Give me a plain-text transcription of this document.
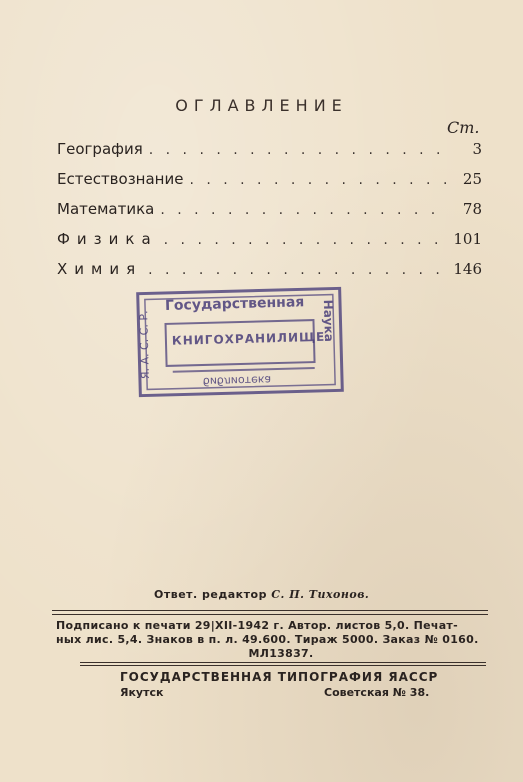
ОГЛАВЛЕНИЕ
Ст.
География . . .	3
Естествознание . . .	25
Математика . . .	78
Физика . . .	101
Химия . . .	146
Государственная
КНИГОХРАНИЛИЩЕ
библиотека
Я. А. С. С. Р.	Наука
Ответ. редактор С. П. Тихонов.
Подписано к печати 29|XII-1942 г. Автор. листов 5,0. Печат-
ных лис. 5,4. Знаков в п. л. 49.600. Тираж 5000. Заказ № 0160.
МЛ13837.
ГОСУДАРСТВЕННАЯ ТИПОГРАФИЯ ЯАССР
Якутск	Советская № 38.
